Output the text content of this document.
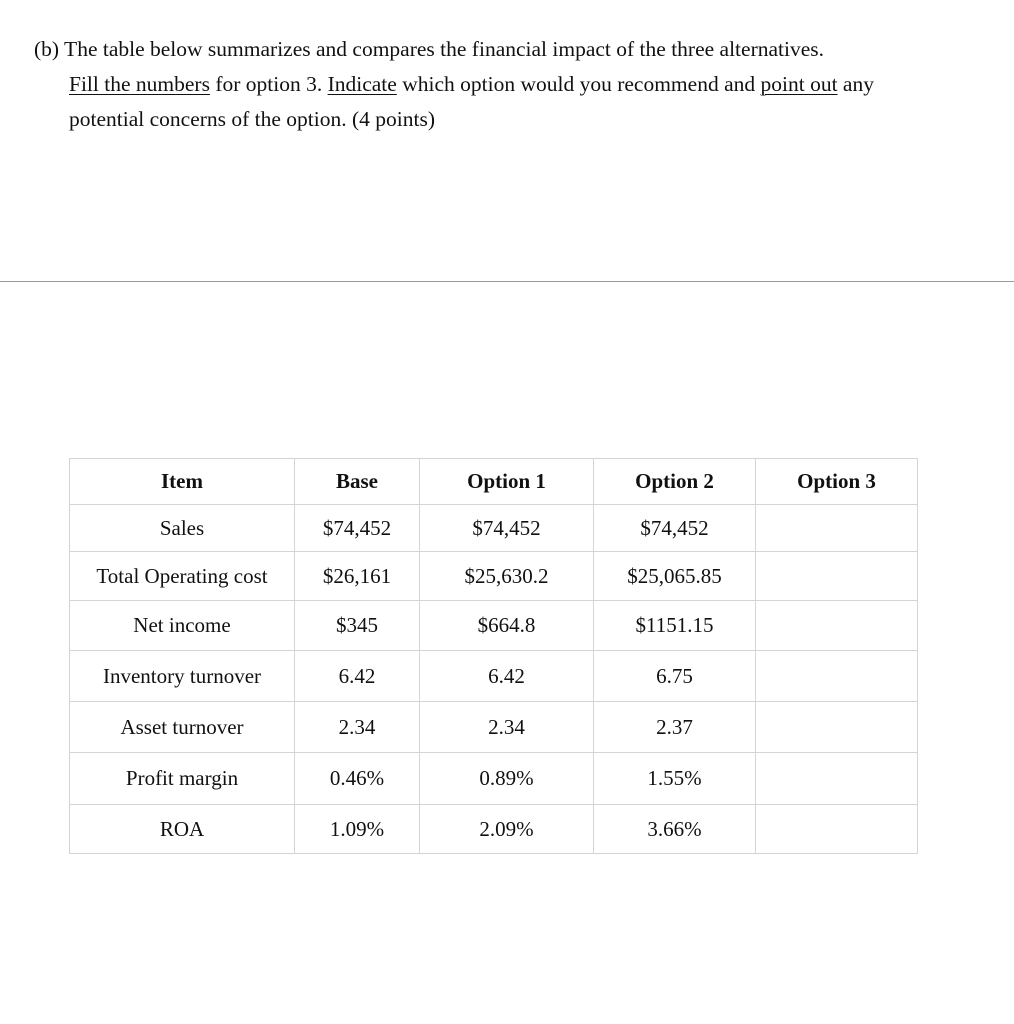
(b) The table below summarizes and compares the financial impact of the three alternatives.
Fill the numbers for option 3. Indicate which option would you recommend and point out any
potential concerns of the option. (4 points)
Item	Base	Option 1	Option 2	Option 3
Sales	$74,452	$74,452	$74,452	
Total Operating cost	$26,161	$25,630.2	$25,065.85	
Net income	$345	$664.8	$1151.15	
Inventory turnover	6.42	6.42	6.75	
Asset turnover	2.34	2.34	2.37	
Profit margin	0.46%	0.89%	1.55%	
ROA	1.09%	2.09%	3.66%	
